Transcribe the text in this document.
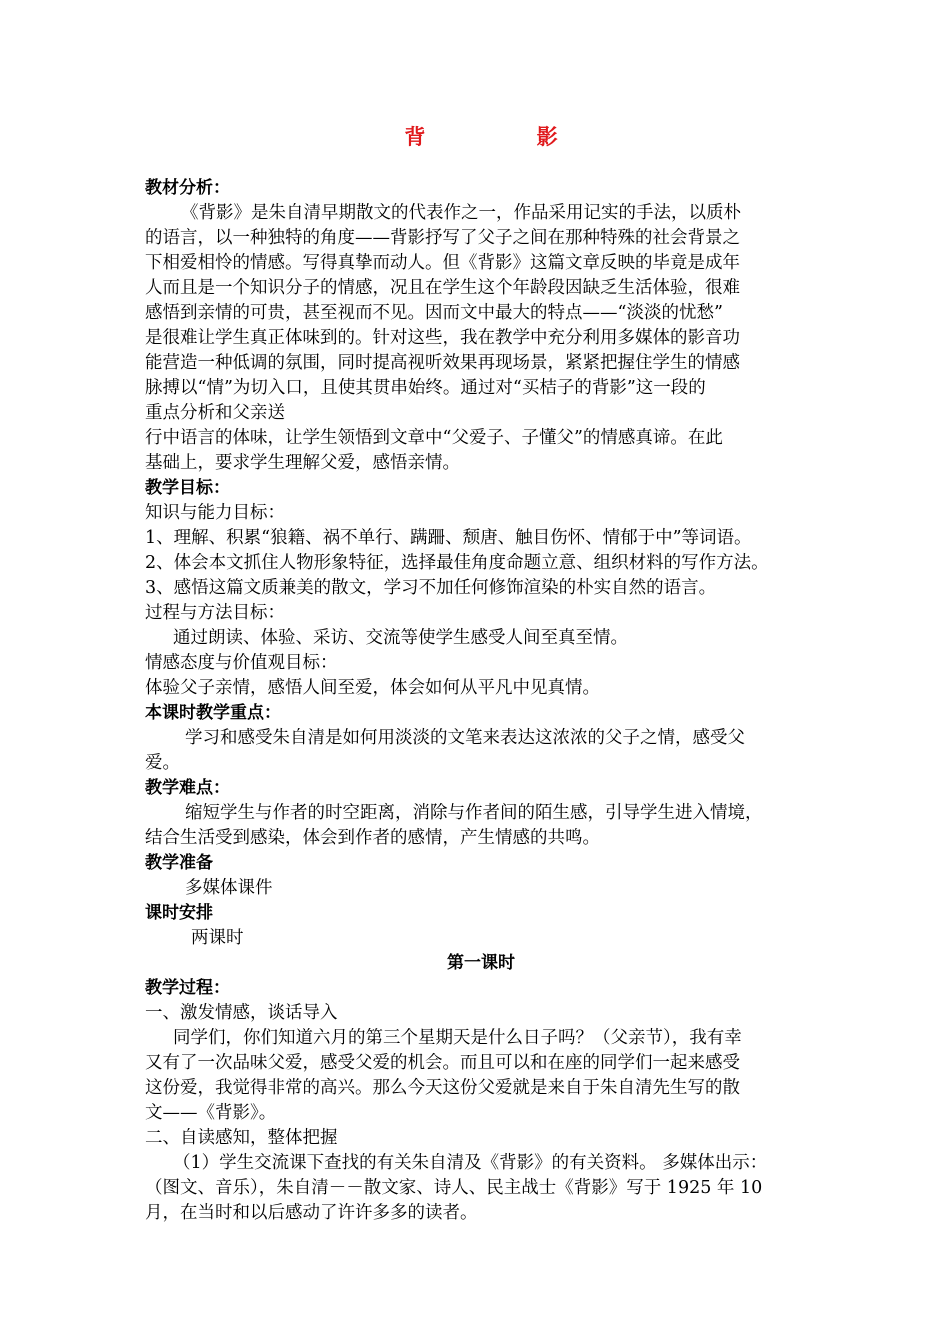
背 影
教材分析：
《背影》是朱自清早期散文的代表作之一，作品采用记实的手法，以质朴
的语言，以一种独特的角度——背影抒写了父子之间在那种特殊的社会背景之
下相爱相怜的情感。写得真挚而动人。但《背影》这篇文章反映的毕竟是成年
人而且是一个知识分子的情感，况且在学生这个年龄段因缺乏生活体验，很难
感悟到亲情的可贵，甚至视而不见。因而文中最大的特点——“淡淡的忧愁”
是很难让学生真正体味到的。针对这些，我在教学中充分利用多媒体的影音功
能营造一种低调的氛围，同时提高视听效果再现场景，紧紧把握住学生的情感
脉搏以“情”为切入口，且使其贯串始终。通过对“买桔子的背影”这一段的
重点分析和父亲送
行中语言的体味，让学生领悟到文章中“父爱子、子懂父”的情感真谛。在此
基础上，要求学生理解父爱，感悟亲情。
教学目标：
知识与能力目标：
1、理解、积累“狼籍、祸不单行、蹒跚、颓唐、触目伤怀、情郁于中”等词语。
2、体会本文抓住人物形象特征，选择最佳角度命题立意、组织材料的写作方法。
3、感悟这篇文质兼美的散文，学习不加任何修饰渲染的朴实自然的语言。
过程与方法目标：
通过朗读、体验、采访、交流等使学生感受人间至真至情。
情感态度与价值观目标：
体验父子亲情，感悟人间至爱，体会如何从平凡中见真情。
本课时教学重点：
学习和感受朱自清是如何用淡淡的文笔来表达这浓浓的父子之情，感受父
爱。
教学难点：
缩短学生与作者的时空距离，消除与作者间的陌生感，引导学生进入情境，
结合生活受到感染，体会到作者的感情，产生情感的共鸣。
教学准备
多媒体课件
课时安排
两课时
第一课时
教学过程：
一、激发情感，谈话导入
同学们，你们知道六月的第三个星期天是什么日子吗？（父亲节），我有幸
又有了一次品味父爱，感受父爱的机会。而且可以和在座的同学们一起来感受
这份爱，我觉得非常的高兴。那么今天这份父爱就是来自于朱自清先生写的散
文——《背影》。
二、自读感知，整体把握
（1）学生交流课下查找的有关朱自清及《背影》的有关资料。 多媒体出示：
（图文、音乐），朱自清－－散文家、诗人、民主战士《背影》写于 1925 年 10
月，在当时和以后感动了许许多多的读者。
